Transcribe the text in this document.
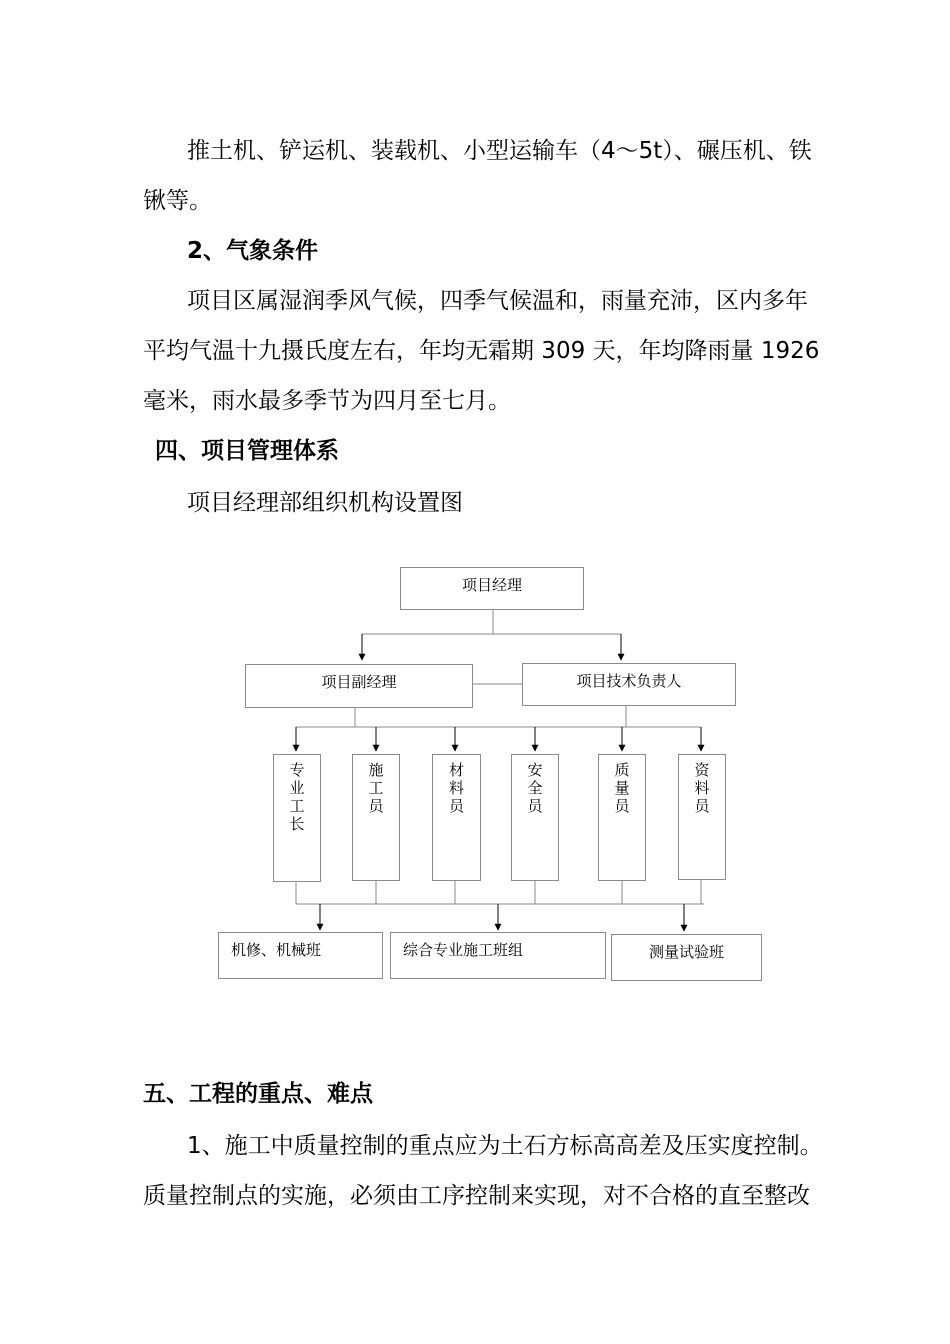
推土机、铲运机、装载机、小型运输车（4～5t）、碾压机、铁
锹等。
2、气象条件
项目区属湿润季风气候，四季气候温和，雨量充沛，区内多年
平均气温十九摄氏度左右，年均无霜期 309 天，年均降雨量 1926
毫米，雨水最多季节为四月至七月。
四、项目管理体系
项目经理部组织机构设置图
项目经理
项目副经理	项目技术负责人
专业工长
施工员
材料员
安全员
质量员
资料员
机修、机械班	综合专业施工班组	测量试验班
五、工程的重点、难点
1、施工中质量控制的重点应为土石方标高高差及压实度控制。
质量控制点的实施，必须由工序控制来实现，对不合格的直至整改
